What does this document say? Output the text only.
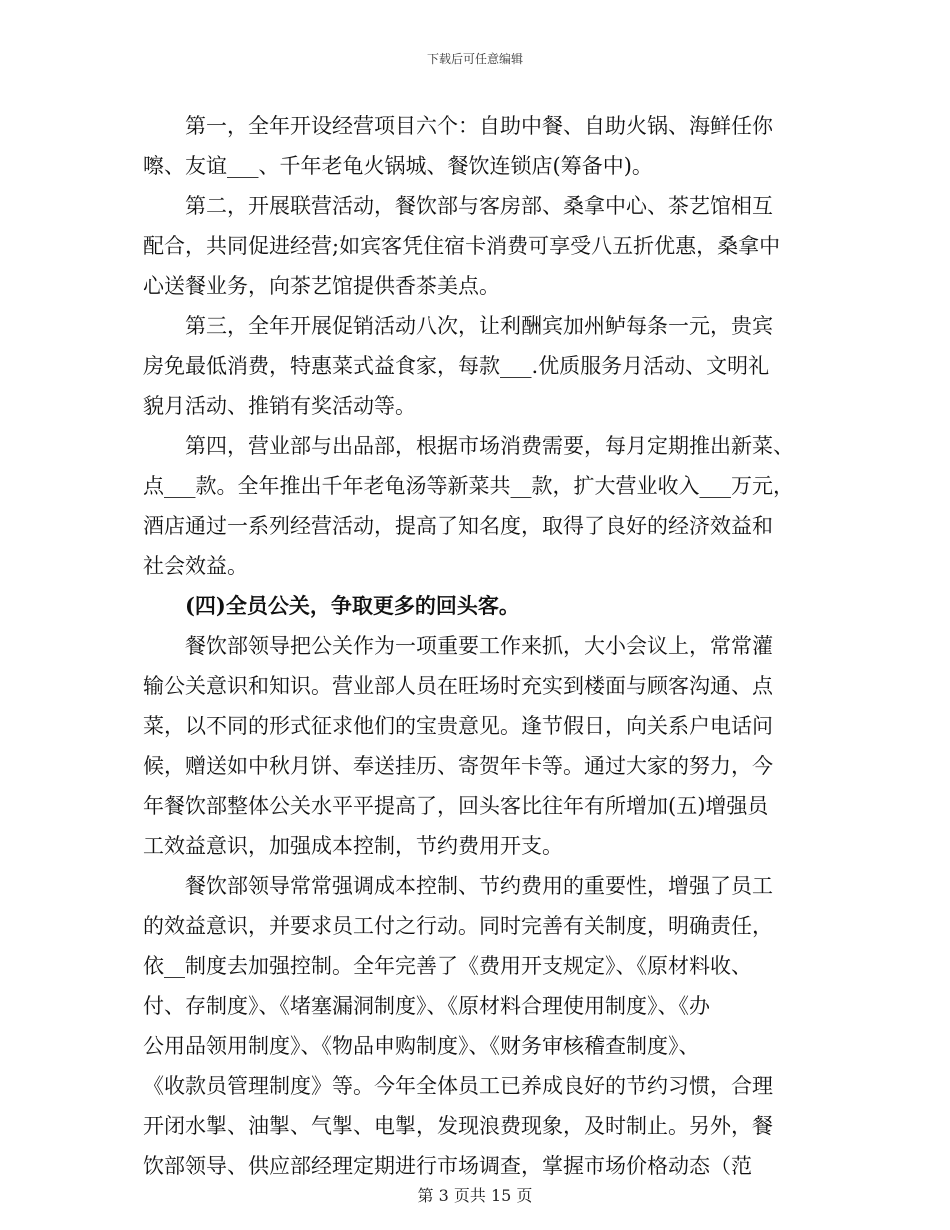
下载后可任意编辑
第一，全年开设经营项目六个：自助中餐、自助火锅、海鲜任你
嚓、友谊___、千年老龟火锅城、餐饮连锁店(筹备中)。
第二，开展联营活动，餐饮部与客房部、桑拿中心、茶艺馆相互
配合，共同促进经营;如宾客凭住宿卡消费可享受八五折优惠，桑拿中
心送餐业务，向茶艺馆提供香茶美点。
第三，全年开展促销活动八次，让利酬宾加州鲈每条一元，贵宾
房免最低消费，特惠菜式益食家，每款___.优质服务月活动、文明礼
貌月活动、推销有奖活动等。
第四，营业部与出品部，根据市场消费需要，每月定期推出新菜、
点___款。全年推出千年老龟汤等新菜共__款，扩大营业收入___万元，
酒店通过一系列经营活动，提高了知名度，取得了良好的经济效益和
社会效益。
(四)全员公关，争取更多的回头客。
餐饮部领导把公关作为一项重要工作来抓，大小会议上，常常灌
输公关意识和知识。营业部人员在旺场时充实到楼面与顾客沟通、点
菜，以不同的形式征求他们的宝贵意见。逢节假日，向关系户电话问
候，赠送如中秋月饼、奉送挂历、寄贺年卡等。通过大家的努力，今
年餐饮部整体公关水平平提高了，回头客比往年有所增加(五)增强员
工效益意识，加强成本控制，节约费用开支。
餐饮部领导常常强调成本控制、节约费用的重要性，增强了员工
的效益意识，并要求员工付之行动。同时完善有关制度，明确责任，
依__制度去加强控制。全年完善了《费用开支规定》、《原材料收、
付、存制度》、《堵塞漏洞制度》、《原材料合理使用制度》、《办
公用品领用制度》、《物品申购制度》、《财务审核稽查制度》、
《收款员管理制度》等。今年全体员工已养成良好的节约习惯，合理
开闭水掣、油掣、气掣、电掣，发现浪费现象，及时制止。另外，餐
饮部领导、供应部经理定期进行市场调查，掌握市场价格动态（范
第 3 页共 15 页
